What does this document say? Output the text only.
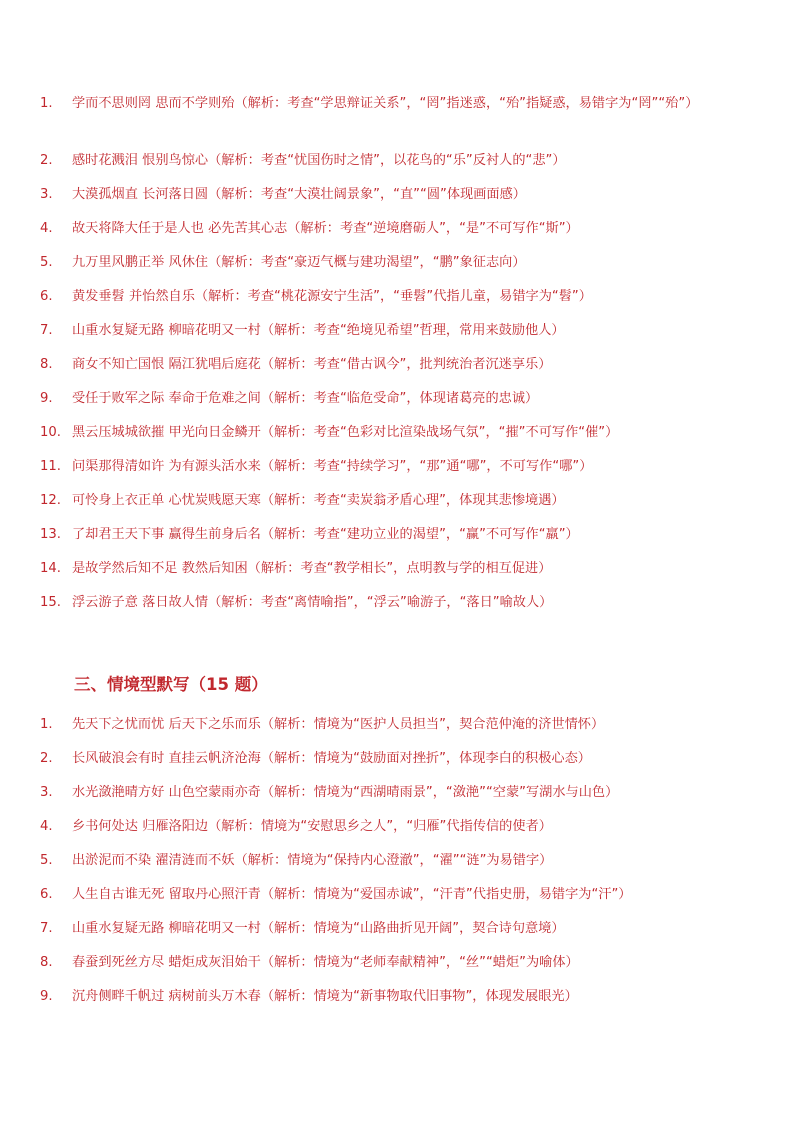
1.	学而不思则罔 思而不学则殆（解析：考查“学思辩证关系”，“罔”指迷惑，“殆”指疑惑，易错字为“罔”“殆”）
2.	感时花溅泪 恨别鸟惊心（解析：考查“忧国伤时之情”，以花鸟的“乐”反衬人的“悲”）
3.	大漠孤烟直 长河落日圆（解析：考查“大漠壮阔景象”，“直”“圆”体现画面感）
4.	故天将降大任于是人也 必先苦其心志（解析：考查“逆境磨砺人”，“是”不可写作“斯”）
5.	九万里风鹏正举 风休住（解析：考查“豪迈气概与建功渴望”，“鹏”象征志向）
6.	黄发垂髫 并怡然自乐（解析：考查“桃花源安宁生活”，“垂髫”代指儿童，易错字为“髫”）
7.	山重水复疑无路 柳暗花明又一村（解析：考查“绝境见希望”哲理，常用来鼓励他人）
8.	商女不知亡国恨 隔江犹唱后庭花（解析：考查“借古讽今”，批判统治者沉迷享乐）
9.	受任于败军之际 奉命于危难之间（解析：考查“临危受命”，体现诸葛亮的忠诚）
10. 黑云压城城欲摧 甲光向日金鳞开（解析：考查“色彩对比渲染战场气氛”，“摧”不可写作“催”）
11. 问渠那得清如许 为有源头活水来（解析：考查“持续学习”，“那”通“哪”，不可写作“哪”）
12. 可怜身上衣正单 心忧炭贱愿天寒（解析：考查“卖炭翁矛盾心理”，体现其悲惨境遇）
13. 了却君王天下事 赢得生前身后名（解析：考查“建功立业的渴望”，“赢”不可写作“羸”）
14. 是故学然后知不足 教然后知困（解析：考查“教学相长”，点明教与学的相互促进）
15. 浮云游子意 落日故人情（解析：考查“离情喻指”，“浮云”喻游子，“落日”喻故人）
三、情境型默写（15 题）
1.	先天下之忧而忧 后天下之乐而乐（解析：情境为“医护人员担当”，契合范仲淹的济世情怀）
2.	长风破浪会有时 直挂云帆济沧海（解析：情境为“鼓励面对挫折”，体现李白的积极心态）
3.	水光潋滟晴方好 山色空蒙雨亦奇（解析：情境为“西湖晴雨景”，“潋滟”“空蒙”写湖水与山色）
4.	乡书何处达 归雁洛阳边（解析：情境为“安慰思乡之人”，“归雁”代指传信的使者）
5.	出淤泥而不染 濯清涟而不妖（解析：情境为“保持内心澄澈”，“濯”“涟”为易错字）
6.	人生自古谁无死 留取丹心照汗青（解析：情境为“爱国赤诚”，“汗青”代指史册，易错字为“汗”）
7.	山重水复疑无路 柳暗花明又一村（解析：情境为“山路曲折见开阔”，契合诗句意境）
8.	春蚕到死丝方尽 蜡炬成灰泪始干（解析：情境为“老师奉献精神”，“丝”“蜡炬”为喻体）
9.	沉舟侧畔千帆过 病树前头万木春（解析：情境为“新事物取代旧事物”，体现发展眼光）
